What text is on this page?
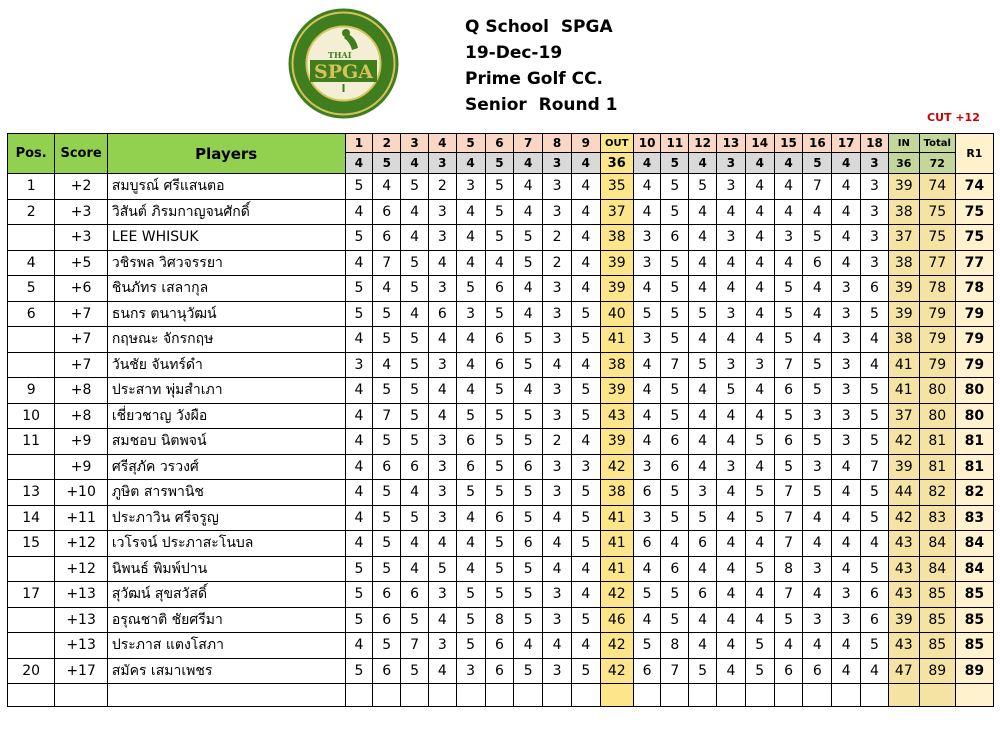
THAI
SPGA
Q School  SPGA
19-Dec-19
Prime Golf CC.
Senior  Round 1
CUT +12
Pos.	Score	Players	1	2	3	4	5	6	7	8	9	OUT	10	11	12	13	14	15	16	17	18	IN	Total	R1
			4	5	4	3	4	5	4	3	4	36	4	5	4	3	4	4	5	4	3	36	72	
1	+2	สมบูรณ์ ศรีแสนตอ	5	4	5	2	3	5	4	3	4	35	4	5	5	3	4	4	7	4	3	39	74	74
2	+3	วิสันต์ ภิรมกาญจนศักดิ์	4	6	4	3	4	5	4	3	4	37	4	5	4	4	4	4	4	4	3	38	75	75
	+3	LEE WHISUK	5	6	4	3	4	5	5	2	4	38	3	6	4	3	4	3	5	4	3	37	75	75
4	+5	วชิรพล วิศวจรรยา	4	7	5	4	4	4	5	2	4	39	3	5	4	4	4	4	6	4	3	38	77	77
5	+6	ชินภัทร เสลากุล	5	4	5	3	5	6	4	3	4	39	4	5	4	4	4	5	4	3	6	39	78	78
6	+7	ธนกร ตนานุวัฒน์	5	5	4	6	3	5	4	3	5	40	5	5	5	3	4	5	4	3	5	39	79	79
	+7	กฤษณะ จักรกฤษ	4	5	5	4	4	6	5	3	5	41	3	5	4	4	4	5	4	3	4	38	79	79
	+7	วันชัย จันทร์ดำ	3	4	5	3	4	6	5	4	4	38	4	7	5	3	3	7	5	3	4	41	79	79
9	+8	ประสาท พุ่มสำเภา	4	5	5	4	4	5	4	3	5	39	4	5	4	5	4	6	5	3	5	41	80	80
10	+8	เชี่ยวชาญ วังผือ	4	7	5	4	5	5	5	3	5	43	4	5	4	4	4	5	3	3	5	37	80	80
11	+9	สมชอบ นิตพจน์	4	5	5	3	6	5	5	2	4	39	4	6	4	4	5	6	5	3	5	42	81	81
	+9	ศรีสุภัค วรวงศ์	4	6	6	3	6	5	6	3	3	42	3	6	4	3	4	5	3	4	7	39	81	81
13	+10	ภูษิต สารพานิช	4	5	4	3	5	5	5	3	5	38	6	5	3	4	5	7	5	4	5	44	82	82
14	+11	ประภาวิน ศรีจรูญ	4	5	5	3	4	6	5	4	5	41	3	5	5	4	5	7	4	4	5	42	83	83
15	+12	เวโรจน์ ประภาสะโนบล	4	5	4	4	4	5	6	4	5	41	6	4	6	4	4	7	4	4	4	43	84	84
	+12	นิพนธ์ พิมพ์ปาน	5	5	4	5	4	5	5	4	4	41	4	6	4	4	5	8	3	4	5	43	84	84
17	+13	สุวัฒน์ สุขสวัสดิ์	5	6	6	3	5	5	5	3	4	42	5	5	6	4	4	7	4	3	6	43	85	85
	+13	อรุณชาติ ชัยศรีมา	5	6	5	4	5	8	5	3	5	46	4	5	4	4	4	5	3	3	6	39	85	85
	+13	ประภาส แตงโสภา	4	5	7	3	5	6	4	4	4	42	5	8	4	4	5	4	4	4	5	43	85	85
20	+17	สมัคร เสมาเพชร	5	6	5	4	3	6	5	3	5	42	6	7	5	4	5	6	6	4	4	47	89	89
